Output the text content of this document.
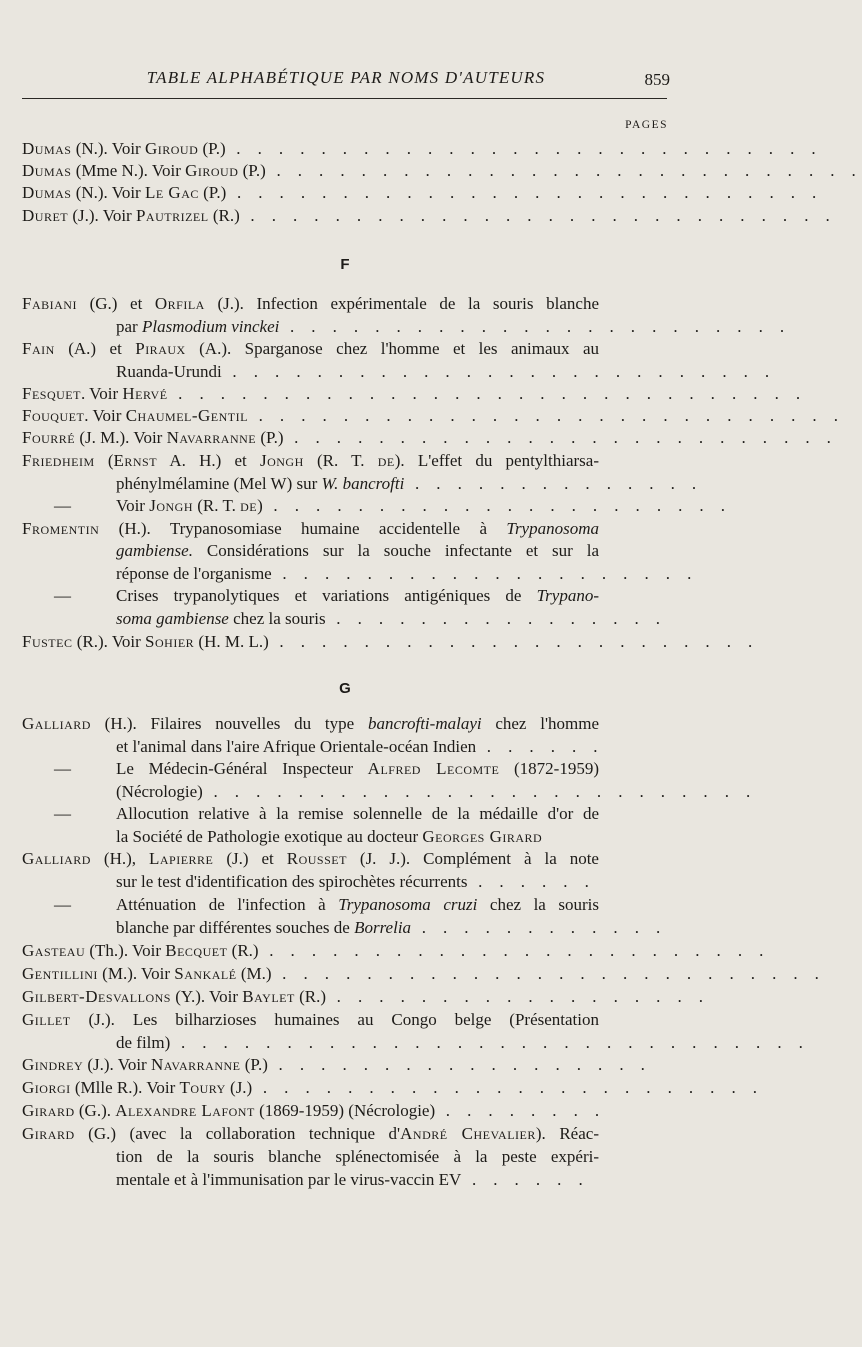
TABLE ALPHABÉTIQUE PAR NOMS D'AUTEURS	859
PAGES
Dumas (N.). Voir Giroud (P.) . . . . . . . . . . . . . . . . . . . . . . . . . . . .
Dumas (Mme N.). Voir Giroud (P.) . . . . . . . . . . . . . . . . . . . . . . . . . . . .
Dumas (N.). Voir Le Gac (P.) . . . . . . . . . . . . . . . . . . . . . . . . . . . .
Duret (J.). Voir Pautrizel (R.) . . . . . . . . . . . . . . . . . . . . . . . . . . . .
F
Fabiani (G.) et Orfila (J.). Infection expérimentale de la souris blanche
par Plasmodium vinckei . . . . . . . . . . . . . . . . . . . . . . . .
Fain (A.) et Piraux (A.). Sparganose chez l'homme et les animaux au
Ruanda-Urundi . . . . . . . . . . . . . . . . . . . . . . . . . .
Fesquet. Voir Hervé . . . . . . . . . . . . . . . . . . . . . . . . . . . . . .
Fouquet. Voir Chaumel-Gentil . . . . . . . . . . . . . . . . . . . . . . . . . . . .
Fourré (J. M.). Voir Navarranne (P.) . . . . . . . . . . . . . . . . . . . . . . . . . .
Friedheim (Ernst A. H.) et Jongh (R. T. de). L'effet du pentylthiarsa-
phénylmélamine (Mel W) sur W. bancrofti . . . . . . . . . . . . . .
—	Voir Jongh (R. T. de) . . . . . . . . . . . . . . . . . . . . . .
Fromentin (H.). Trypanosomiase humaine accidentelle à Trypanosoma
gambiense. Considérations sur la souche infectante et sur la
réponse de l'organisme . . . . . . . . . . . . . . . . . . . .
—	Crises trypanolytiques et variations antigéniques de Trypano-
soma gambiense chez la souris . . . . . . . . . . . . . . . .
Fustec (R.). Voir Sohier (H. M. L.) . . . . . . . . . . . . . . . . . . . . . . .
G
Galliard (H.). Filaires nouvelles du type bancrofti-malayi chez l'homme
et l'animal dans l'aire Afrique Orientale-océan Indien . . . . . .
—	Le Médecin-Général Inspecteur Alfred Lecomte (1872-1959)
(Nécrologie) . . . . . . . . . . . . . . . . . . . . . . . . . .
—	Allocution relative à la remise solennelle de la médaille d'or de
la Société de Pathologie exotique au docteur Georges Girard
Galliard (H.), Lapierre (J.) et Rousset (J. J.). Complément à la note
sur le test d'identification des spirochètes récurrents . . . . . .
—	Atténuation de l'infection à Trypanosoma cruzi chez la souris
blanche par différentes souches de Borrelia . . . . . . . . . . . .
Gasteau (Th.). Voir Becquet (R.) . . . . . . . . . . . . . . . . . . . . . . . .
Gentillini (M.). Voir Sankalé (M.) . . . . . . . . . . . . . . . . . . . . . . . . . .
Gilbert-Desvallons (Y.). Voir Baylet (R.) . . . . . . . . . . . . . . . . . .
Gillet (J.). Les bilharzioses humaines au Congo belge (Présentation
de film) . . . . . . . . . . . . . . . . . . . . . . . . . . . . . .
Gindrey (J.). Voir Navarranne (P.) . . . . . . . . . . . . . . . . . .
Giorgi (Mlle R.). Voir Toury (J.) . . . . . . . . . . . . . . . . . . . . . . . .
Girard (G.). Alexandre Lafont (1869-1959) (Nécrologie) . . . . . . . .
Girard (G.) (avec la collaboration technique d'André Chevalier). Réac-
tion de la souris blanche splénectomisée à la peste expéri-
mentale et à l'immunisation par le virus-vaccin EV . . . . . .
